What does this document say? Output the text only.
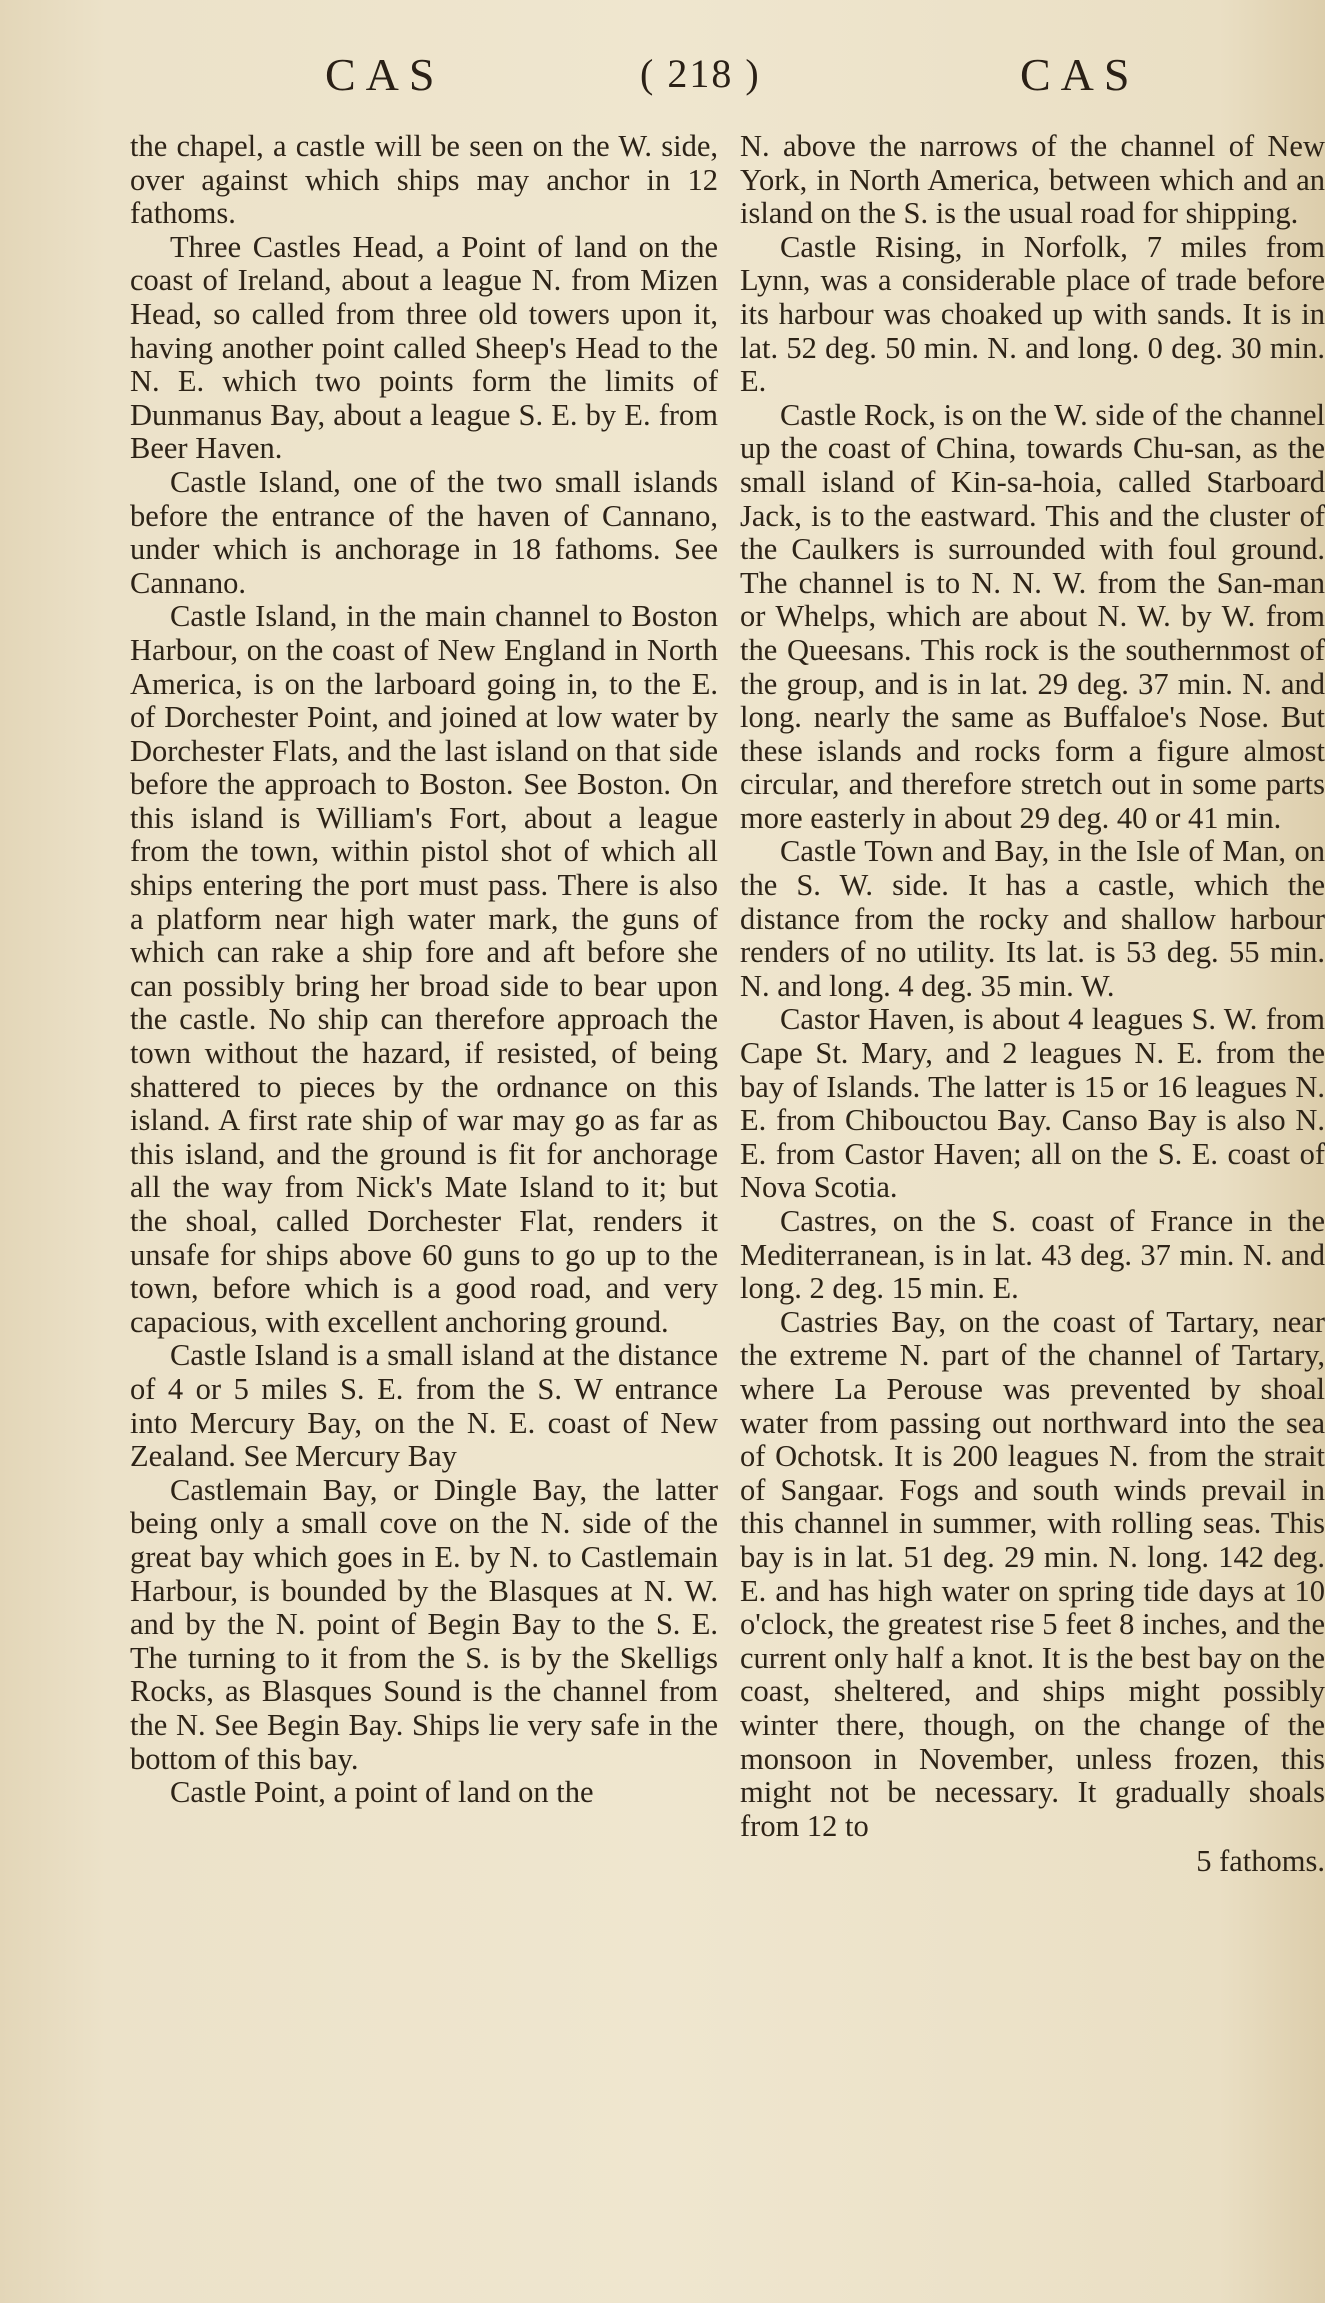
CAS	( 218 )	CAS

the chapel, a castle will be seen on the W. side, over against which ships may anchor in 12 fathoms.

Three Castles Head, a Point of land on the coast of Ireland, about a league N. from Mizen Head, so called from three old towers upon it, having another point called Sheep's Head to the N. E. which two points form the limits of Dunmanus Bay, about a league S. E. by E. from Beer Haven.

Castle Island, one of the two small islands before the entrance of the haven of Cannano, under which is anchorage in 18 fathoms. See Cannano.

Castle Island, in the main channel to Boston Harbour, on the coast of New England in North America, is on the larboard going in, to the E. of Dorchester Point, and joined at low water by Dorchester Flats, and the last island on that side before the approach to Boston. See Boston. On this island is William's Fort, about a league from the town, within pistol shot of which all ships entering the port must pass. There is also a platform near high water mark, the guns of which can rake a ship fore and aft before she can possibly bring her broad side to bear upon the castle. No ship can therefore approach the town without the hazard, if resisted, of being shattered to pieces by the ordnance on this island. A first rate ship of war may go as far as this island, and the ground is fit for anchorage all the way from Nick's Mate Island to it; but the shoal, called Dorchester Flat, renders it unsafe for ships above 60 guns to go up to the town, before which is a good road, and very capacious, with excellent anchoring ground.

Castle Island is a small island at the distance of 4 or 5 miles S. E. from the S. W entrance into Mercury Bay, on the N. E. coast of New Zealand. See Mercury Bay

Castlemain Bay, or Dingle Bay, the latter being only a small cove on the N. side of the great bay which goes in E. by N. to Castlemain Harbour, is bounded by the Blasques at N. W. and by the N. point of Begin Bay to the S. E. The turning to it from the S. is by the Skelligs Rocks, as Blasques Sound is the channel from the N. See Begin Bay. Ships lie very safe in the bottom of this bay.

Castle Point, a point of land on the

N. above the narrows of the channel of New York, in North America, between which and an island on the S. is the usual road for shipping.

Castle Rising, in Norfolk, 7 miles from Lynn, was a considerable place of trade before its harbour was choaked up with sands. It is in lat. 52 deg. 50 min. N. and long. 0 deg. 30 min. E.

Castle Rock, is on the W. side of the channel up the coast of China, towards Chu-san, as the small island of Kin-sa-hoia, called Starboard Jack, is to the eastward. This and the cluster of the Caulkers is surrounded with foul ground. The channel is to N. N. W. from the San-man or Whelps, which are about N. W. by W. from the Queesans. This rock is the southernmost of the group, and is in lat. 29 deg. 37 min. N. and long. nearly the same as Buffaloe's Nose. But these islands and rocks form a figure almost circular, and therefore stretch out in some parts more easterly in about 29 deg. 40 or 41 min.

Castle Town and Bay, in the Isle of Man, on the S. W. side. It has a castle, which the distance from the rocky and shallow harbour renders of no utility. Its lat. is 53 deg. 55 min. N. and long. 4 deg. 35 min. W.

Castor Haven, is about 4 leagues S. W. from Cape St. Mary, and 2 leagues N. E. from the bay of Islands. The latter is 15 or 16 leagues N. E. from Chibouctou Bay. Canso Bay is also N. E. from Castor Haven; all on the S. E. coast of Nova Scotia.

Castres, on the S. coast of France in the Mediterranean, is in lat. 43 deg. 37 min. N. and long. 2 deg. 15 min. E.

Castries Bay, on the coast of Tartary, near the extreme N. part of the channel of Tartary, where La Perouse was prevented by shoal water from passing out northward into the sea of Ochotsk. It is 200 leagues N. from the strait of Sangaar. Fogs and south winds prevail in this channel in summer, with rolling seas. This bay is in lat. 51 deg. 29 min. N. long. 142 deg. E. and has high water on spring tide days at 10 o'clock, the greatest rise 5 feet 8 inches, and the current only half a knot. It is the best bay on the coast, sheltered, and ships might possibly winter there, though, on the change of the monsoon in November, unless frozen, this might not be necessary. It gradually shoals from 12 to

5 fathoms.
